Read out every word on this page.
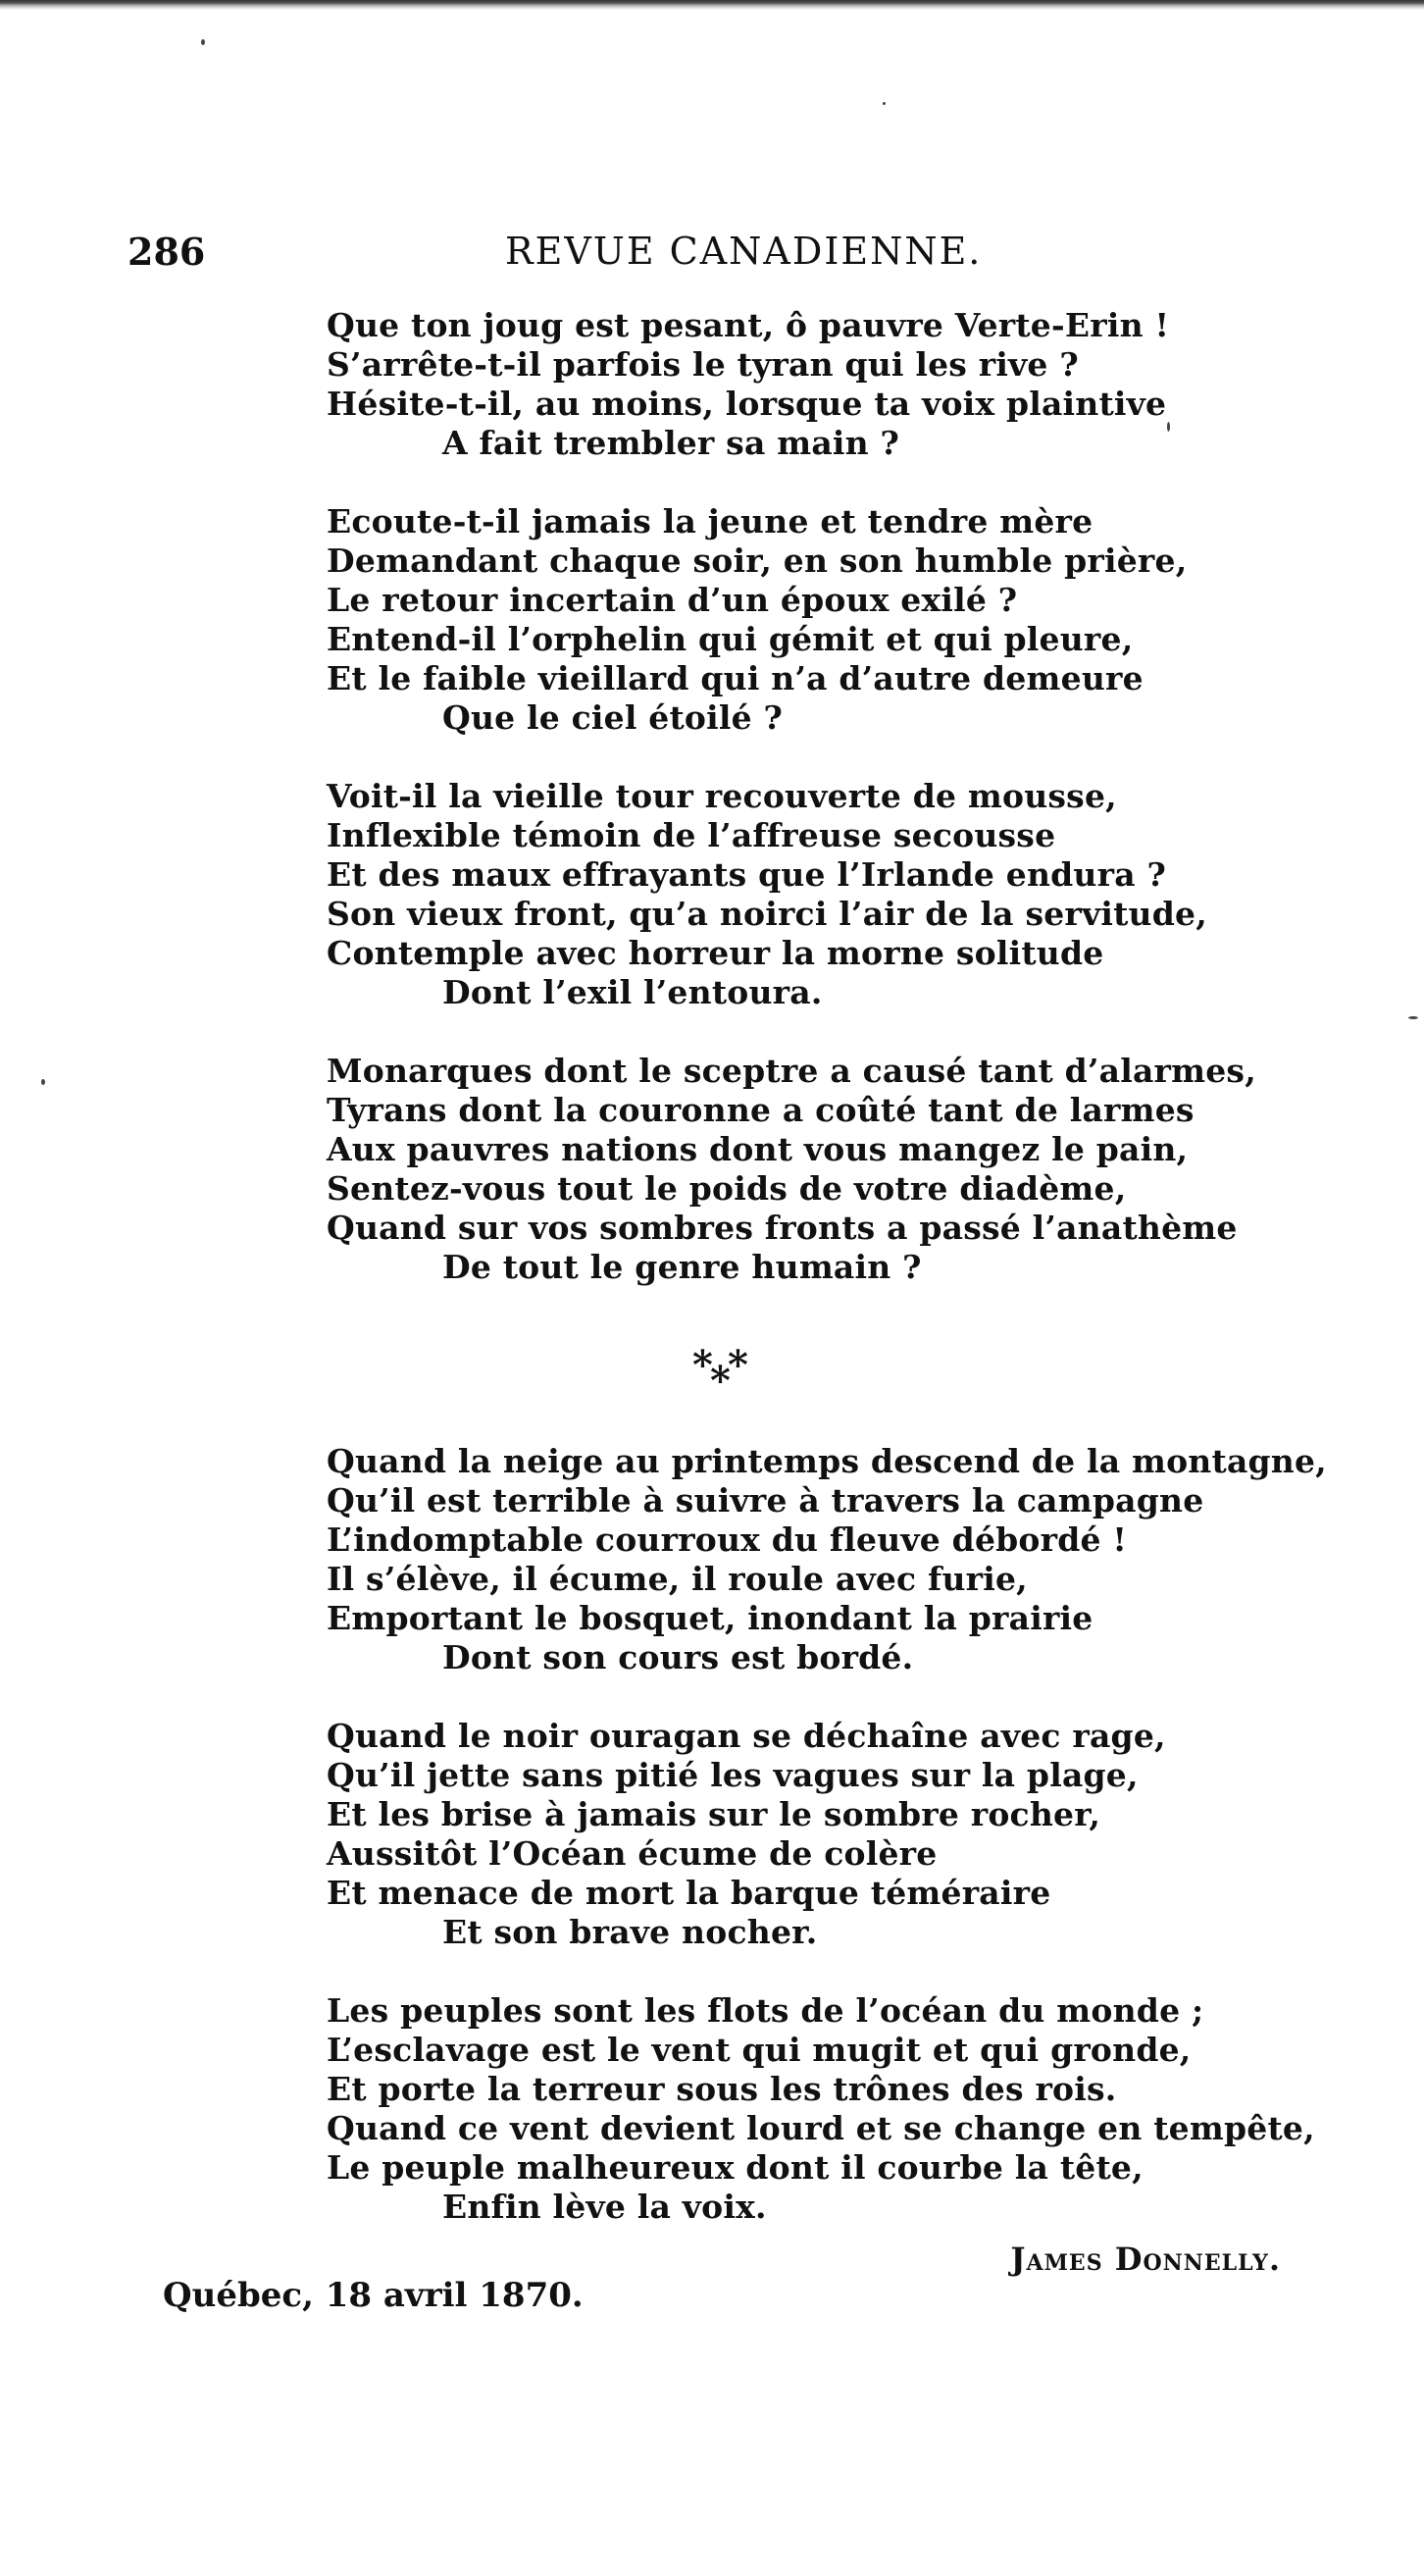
286	REVUE CANADIENNE.
Que ton joug est pesant, ô pauvre Verte-Erin !
S’arrête-t-il parfois le tyran qui les rive ?
Hésite-t-il, au moins, lorsque ta voix plaintive
A fait trembler sa main ?
Ecoute-t-il jamais la jeune et tendre mère
Demandant chaque soir, en son humble prière,
Le retour incertain d’un époux exilé ?
Entend-il l’orphelin qui gémit et qui pleure,
Et le faible vieillard qui n’a d’autre demeure
Que le ciel étoilé ?
Voit-il la vieille tour recouverte de mousse,
Inflexible témoin de l’affreuse secousse
Et des maux effrayants que l’Irlande endura ?
Son vieux front, qu’a noirci l’air de la servitude,
Contemple avec horreur la morne solitude
Dont l’exil l’entoura.
Monarques dont le sceptre a causé tant d’alarmes,
Tyrans dont la couronne a coûté tant de larmes
Aux pauvres nations dont vous mangez le pain,
Sentez-vous tout le poids de votre diadème,
Quand sur vos sombres fronts a passé l’anathème
De tout le genre humain ?
*
*
*
Quand la neige au printemps descend de la montagne,
Qu’il est terrible à suivre à travers la campagne
L’indomptable courroux du fleuve débordé !
Il s’élève, il écume, il roule avec furie,
Emportant le bosquet, inondant la prairie
Dont son cours est bordé.
Quand le noir ouragan se déchaîne avec rage,
Qu’il jette sans pitié les vagues sur la plage,
Et les brise à jamais sur le sombre rocher,
Aussitôt l’Océan écume de colère
Et menace de mort la barque téméraire
Et son brave nocher.
Les peuples sont les flots de l’océan du monde ;
L’esclavage est le vent qui mugit et qui gronde,
Et porte la terreur sous les trônes des rois.
Quand ce vent devient lourd et se change en tempête,
Le peuple malheureux dont il courbe la tête,
Enfin lève la voix.
James Donnelly.
Québec, 18 avril 1870.
